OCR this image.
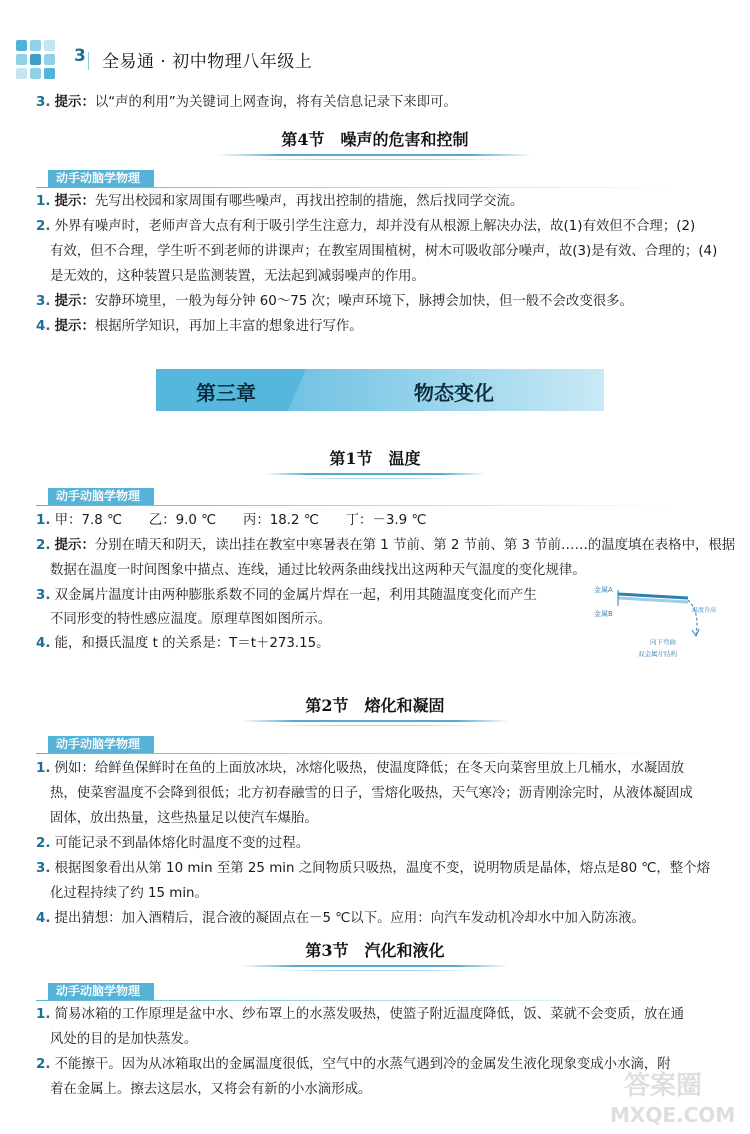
3 全易通 · 初中物理八年级上
3. 提示：以“声的利用”为关键词上网查询，将有关信息记录下来即可。
第4节　噪声的危害和控制
动手动脑学物理
1. 提示：先写出校园和家周围有哪些噪声，再找出控制的措施，然后找同学交流。
2. 外界有噪声时，老师声音大点有利于吸引学生注意力，却并没有从根源上解决办法，故(1)有效但不合理；(2)
有效，但不合理，学生听不到老师的讲课声；在教室周围植树，树木可吸收部分噪声，故(3)是有效、合理的；(4)
是无效的，这种装置只是监测装置，无法起到减弱噪声的作用。
3. 提示：安静环境里，一般为每分钟 60～75 次；噪声环境下，脉搏会加快，但一般不会改变很多。
4. 提示：根据所学知识，再加上丰富的想象进行写作。
第三章	物态变化
第1节　温度
动手动脑学物理
1. 甲：7.8 ℃　　乙：9.0 ℃　　丙：18.2 ℃　　丁：－3.9 ℃
2. 提示：分别在晴天和阴天，读出挂在教室中寒暑表在第 1 节前、第 2 节前、第 3 节前……的温度填在表格中，根据
数据在温度一时间图象中描点、连线，通过比较两条曲线找出这两种天气温度的变化规律。
3. 双金属片温度计由两种膨胀系数不同的金属片焊在一起，利用其随温度变化而产生
不同形变的特性感应温度。原理草图如图所示。
4. 能，和摄氏温度 t 的关系是：T＝t＋273.15。
金属A
金属B	温度升高
向下弯曲
双金属片结构
第2节　熔化和凝固
动手动脑学物理
1. 例如：给鲜鱼保鲜时在鱼的上面放冰块，冰熔化吸热，使温度降低；在冬天向菜窖里放上几桶水，水凝固放
热，使菜窖温度不会降到很低；北方初春融雪的日子，雪熔化吸热，天气寒冷；沥青刚涂完时，从液体凝固成
固体，放出热量，这些热量足以使汽车爆胎。
2. 可能记录不到晶体熔化时温度不变的过程。
3. 根据图象看出从第 10 min 至第 25 min 之间物质只吸热，温度不变，说明物质是晶体，熔点是80 ℃，整个熔
化过程持续了约 15 min。
4. 提出猜想：加入酒精后，混合液的凝固点在－5 ℃以下。应用：向汽车发动机冷却水中加入防冻液。
第3节　汽化和液化
动手动脑学物理
1. 简易冰箱的工作原理是盆中水、纱布罩上的水蒸发吸热，使篮子附近温度降低，饭、菜就不会变质，放在通
风处的目的是加快蒸发。
2. 不能擦干。因为从冰箱取出的金属温度很低，空气中的水蒸气遇到冷的金属发生液化现象变成小水滴，附
着在金属上。擦去这层水，又将会有新的小水滴形成。	答案圈
MXQE.COM
